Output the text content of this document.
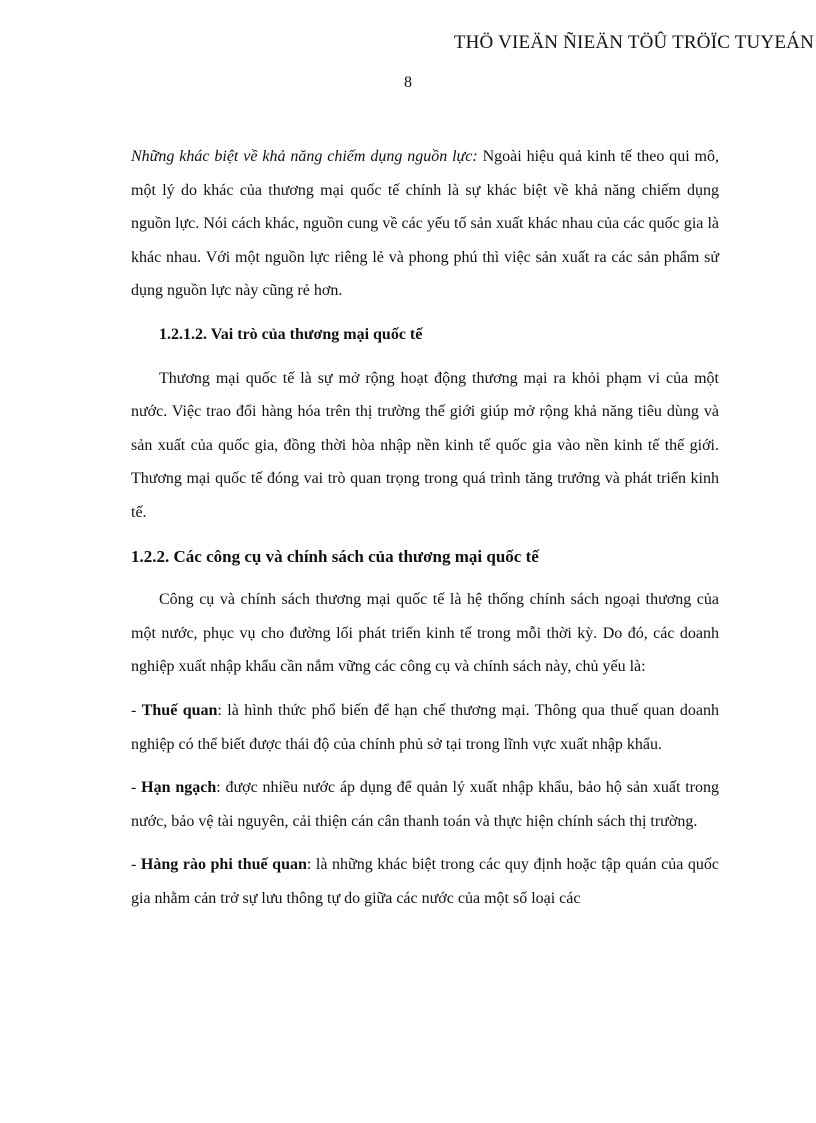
THÖ VIEÄN ÑIEÄN TÖÛ TRÖÏC TUYEÁN
8

Những khác biệt về khả năng chiếm dụng nguồn lực: Ngoài hiệu quả kinh tế theo qui mô, một lý do khác của thương mại quốc tế chính là sự khác biệt về khả năng chiếm dụng nguồn lực. Nói cách khác, nguồn cung về các yếu tố sản xuất khác nhau của các quốc gia là khác nhau. Với một nguồn lực riêng lẻ và phong phú thì việc sản xuất ra các sản phẩm sử dụng nguồn lực này cũng rẻ hơn.

1.2.1.2. Vai trò của thương mại quốc tế

Thương mại quốc tế là sự mở rộng hoạt động thương mại ra khỏi phạm vi của một nước. Việc trao đổi hàng hóa trên thị trường thế giới giúp mở rộng khả năng tiêu dùng và sản xuất của quốc gia, đồng thời hòa nhập nền kinh tế quốc gia vào nền kinh tế thế giới. Thương mại quốc tế đóng vai trò quan trọng trong quá trình tăng trưởng và phát triển kinh tế.

1.2.2. Các công cụ và chính sách của thương mại quốc tế

Công cụ và chính sách thương mại quốc tế là hệ thống chính sách ngoại thương của một nước, phục vụ cho đường lối phát triển kinh tế trong mỗi thời kỳ. Do đó, các doanh nghiệp xuất nhập khẩu cần nắm vững các công cụ và chính sách này, chủ yếu là:

- Thuế quan: là hình thức phổ biến để hạn chế thương mại. Thông qua thuế quan doanh nghiệp có thể biết được thái độ của chính phủ sở tại trong lĩnh vực xuất nhập khẩu.

- Hạn ngạch: được nhiều nước áp dụng để quản lý xuất nhập khẩu, bảo hộ sản xuất trong nước, bảo vệ tài nguyên, cải thiện cán cân thanh toán và thực hiện chính sách thị trường.

- Hàng rào phi thuế quan: là những khác biệt trong các quy định hoặc tập quán của quốc gia nhằm cản trở sự lưu thông tự do giữa các nước của một số loại các
